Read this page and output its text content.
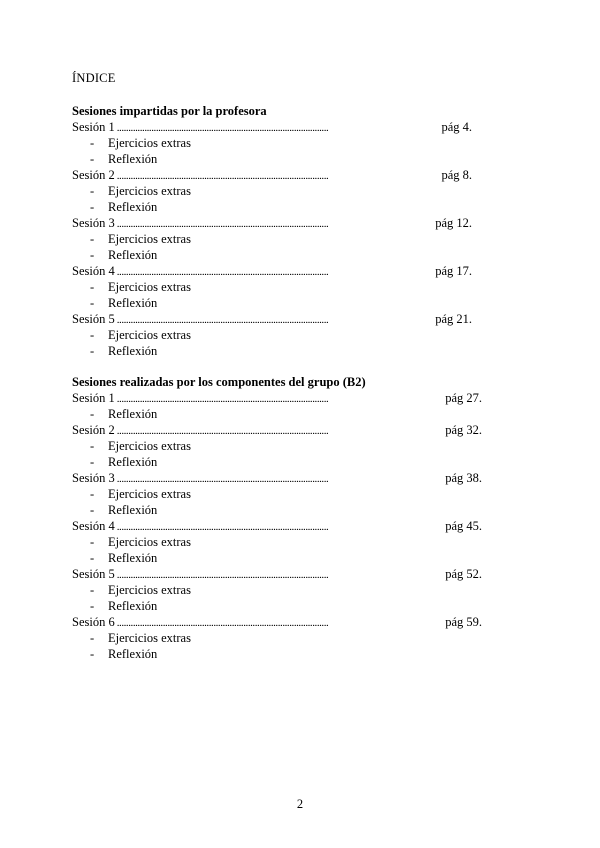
ÍNDICE
Sesiones impartidas por la profesora
Sesión 1 . . .	pág 4.
-	Ejercicios extras
-	Reflexión
Sesión 2 . . .	pág 8.
-	Ejercicios extras
-	Reflexión
Sesión 3 . . .	pág 12.
-	Ejercicios extras
-	Reflexión
Sesión 4 . . .	pág 17.
-	Ejercicios extras
-	Reflexión
Sesión 5 . . .	pág 21.
-	Ejercicios extras
-	Reflexión
Sesiones realizadas por los componentes del grupo (B2)
Sesión 1 . . .	pág 27.
-	Reflexión
Sesión 2 . . .	pág 32.
-	Ejercicios extras
-	Reflexión
Sesión 3 . . .	pág 38.
-	Ejercicios extras
-	Reflexión
Sesión 4 . . .	pág 45.
-	Ejercicios extras
-	Reflexión
Sesión 5 . . .	pág 52.
-	Ejercicios extras
-	Reflexión
Sesión 6 . . .	pág 59.
-	Ejercicios extras
-	Reflexión
2
